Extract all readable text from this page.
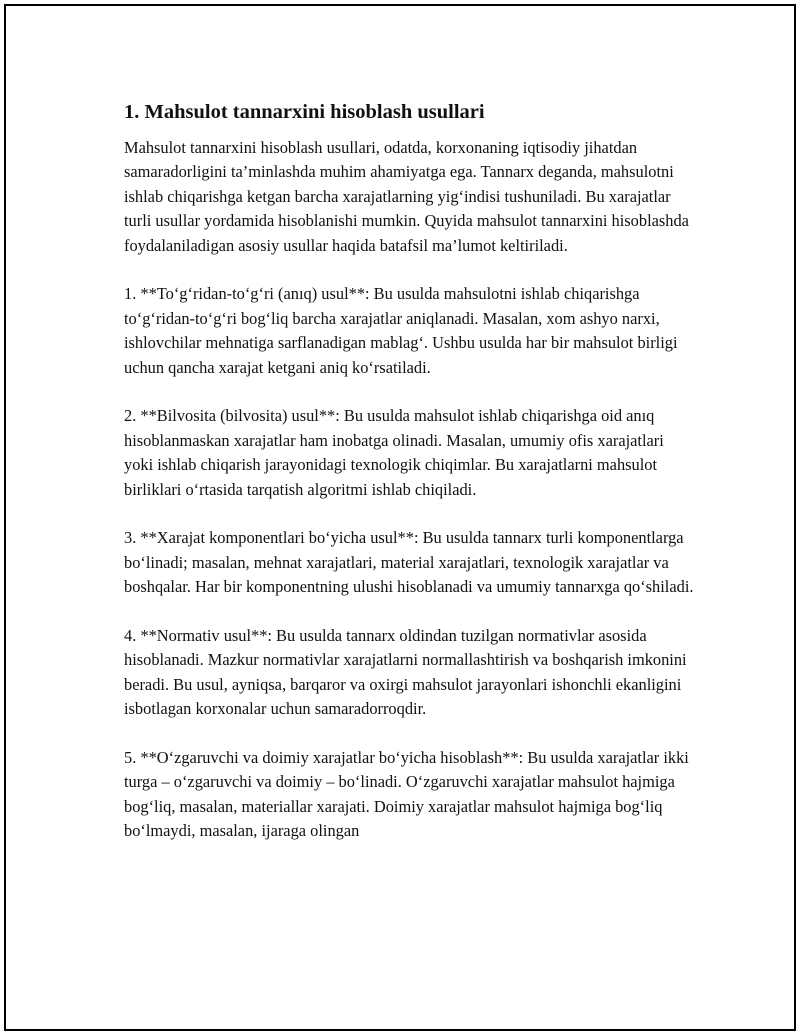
1. Mahsulot tannarxini hisoblash usullari

Mahsulot tannarxini hisoblash usullari, odatda, korxonaning iqtisodiy jihatdan samaradorligini ta’minlashda muhim ahamiyatga ega. Tannarx deganda, mahsulotni ishlab chiqarishga ketgan barcha xarajatlarning yig‘indisi tushuniladi. Bu xarajatlar turli usullar yordamida hisoblanishi mumkin. Quyida mahsulot tannarxini hisoblashda foydalaniladigan asosiy usullar haqida batafsil ma’lumot keltiriladi.

1. **To‘g‘ridan-to‘g‘ri (anıq) usul**: Bu usulda mahsulotni ishlab chiqarishga to‘g‘ridan-to‘g‘ri bog‘liq barcha xarajatlar aniqlanadi. Masalan, xom ashyo narxi, ishlovchilar mehnatiga sarflanadigan mablag‘. Ushbu usulda har bir mahsulot birligi uchun qancha xarajat ketgani aniq ko‘rsatiladi.

2. **Bilvosita (bilvosita) usul**: Bu usulda mahsulot ishlab chiqarishga oid anıq hisoblanmaskan xarajatlar ham inobatga olinadi. Masalan, umumiy ofis xarajatlari yoki ishlab chiqarish jarayonidagi texnologik chiqimlar. Bu xarajatlarni mahsulot birliklari o‘rtasida tarqatish algoritmi ishlab chiqiladi.

3. **Xarajat komponentlari bo‘yicha usul**: Bu usulda tannarx turli komponentlarga bo‘linadi; masalan, mehnat xarajatlari, material xarajatlari, texnologik xarajatlar va boshqalar. Har bir komponentning ulushi hisoblanadi va umumiy tannarxga qo‘shiladi.

4. **Normativ usul**: Bu usulda tannarx oldindan tuzilgan normativlar asosida hisoblanadi. Mazkur normativlar xarajatlarni normallashtirish va boshqarish imkonini beradi. Bu usul, ayniqsa, barqaror va oxirgi mahsulot jarayonlari ishonchli ekanligini isbotlagan korxonalar uchun samaradorroqdir.

5. **O‘zgaruvchi va doimiy xarajatlar bo‘yicha hisoblash**: Bu usulda xarajatlar ikki turga – o‘zgaruvchi va doimiy – bo‘linadi. O‘zgaruvchi xarajatlar mahsulot hajmiga bog‘liq, masalan, materiallar xarajati. Doimiy xarajatlar mahsulot hajmiga bog‘liq bo‘lmaydi, masalan, ijaraga olingan
